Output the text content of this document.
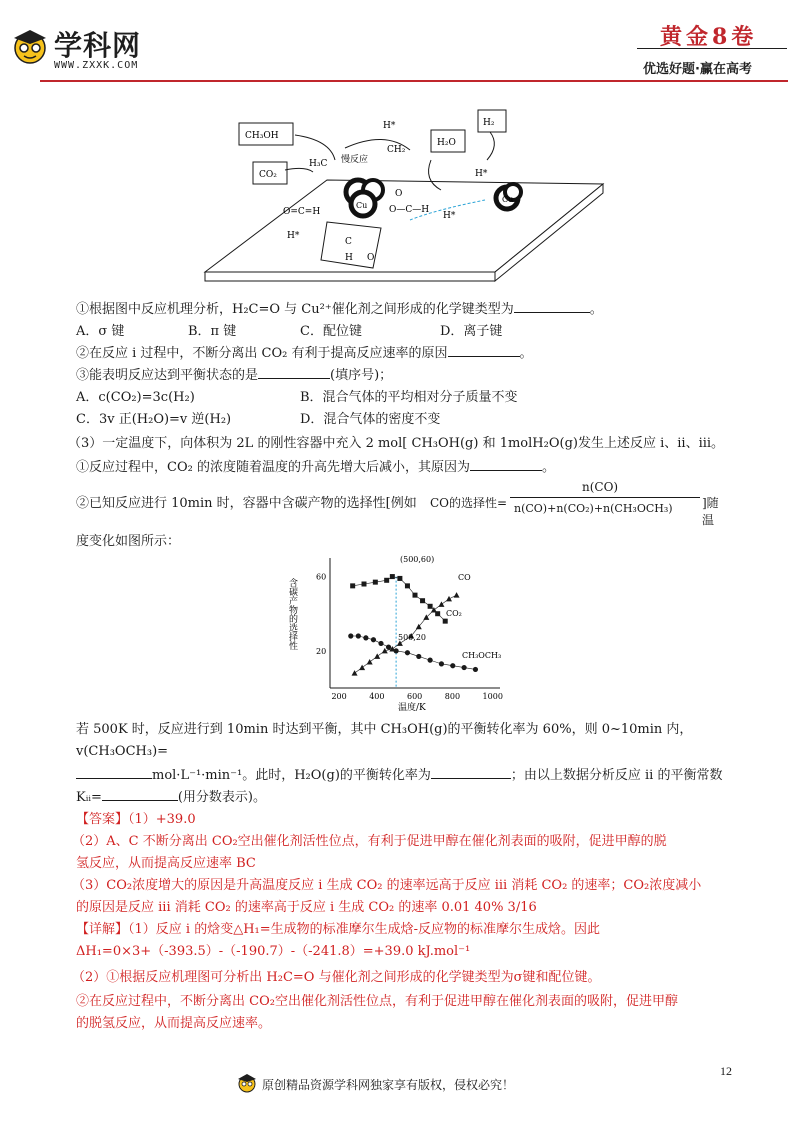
学科网
WWW.ZXXK.COM
黄金8卷
优选好题·赢在高考
CH₃OH
CO₂
H₂O
H₂
慢反应
H₃C
CH₂
H*
H*
H*
H*
O=C=H	O—C—H
O
C
H O
Cu
Cu
①根据图中反应机理分析，H₂C=O 与 Cu²⁺催化剂之间形成的化学键类型为	。
A．σ 键	B．π 键	C．配位键	D．离子键
②在反应 i 过程中，不断分离出 CO₂ 有利于提高反应速率的原因	。
③能表明反应达到平衡状态的是	(填序号)；
A．c(CO₂)=3c(H₂)	B．混合气体的平均相对分子质量不变
C．3v 正(H₂O)=v 逆(H₂)	D．混合气体的密度不变
（3）一定温度下，向体积为 2L 的刚性容器中充入 2 mol[ CH₃OH(g) 和 1molH₂O(g)发生上述反应 i、ii、iii。
①反应过程中，CO₂ 的浓度随着温度的升高先增大后减小，其原因为	。
②已知反应进行 10min 时，容器中含碳产物的选择性[例如 CO的选择性=
n(CO)
n(CO)+n(CO₂)+n(CH₃OCH₃) ]随温
度变化如图所示：
含碳产物的选择性
温度/K
200	400	600	800	1000
20
60
(500,60)
500,20
CO
CO₂
CH₃OCH₃
若 500K 时，反应进行到 10min 时达到平衡，其中 CH₃OH(g)的平衡转化率为 60%，则 0~10min 内，
v(CH₃OCH₃)=
mol·L⁻¹·min⁻¹。此时，H₂O(g)的平衡转化率为	；由以上数据分析反应 ii 的平衡常数
Kᵢᵢ=	(用分数表示)。
【答案】（1）+39.0
（2）A、C 不断分离出 CO₂空出催化剂活性位点，有利于促进甲醇在催化剂表面的吸附，促进甲醇的脱
氢反应，从而提高反应速率 BC
（3）CO₂浓度增大的原因是升高温度反应 i 生成 CO₂ 的速率远高于反应 iii 消耗 CO₂ 的速率；CO₂浓度减小
的原因是反应 iii 消耗 CO₂ 的速率高于反应 i 生成 CO₂ 的速率 0.01 40% 3/16
【详解】（1）反应 i 的焓变△H₁=生成物的标准摩尔生成焓-反应物的标准摩尔生成焓。因此
ΔH₁=0×3+（-393.5）-（-190.7）-（-241.8）=+39.0 kJ.mol⁻¹
（2）①根据反应机理图可分析出 H₂C=O 与催化剂之间形成的化学键类型为σ键和配位键。
②在反应过程中，不断分离出 CO₂空出催化剂活性位点，有利于促进甲醇在催化剂表面的吸附，促进甲醇
的脱氢反应，从而提高反应速率。
12
原创精品资源学科网独家享有版权，侵权必究！
